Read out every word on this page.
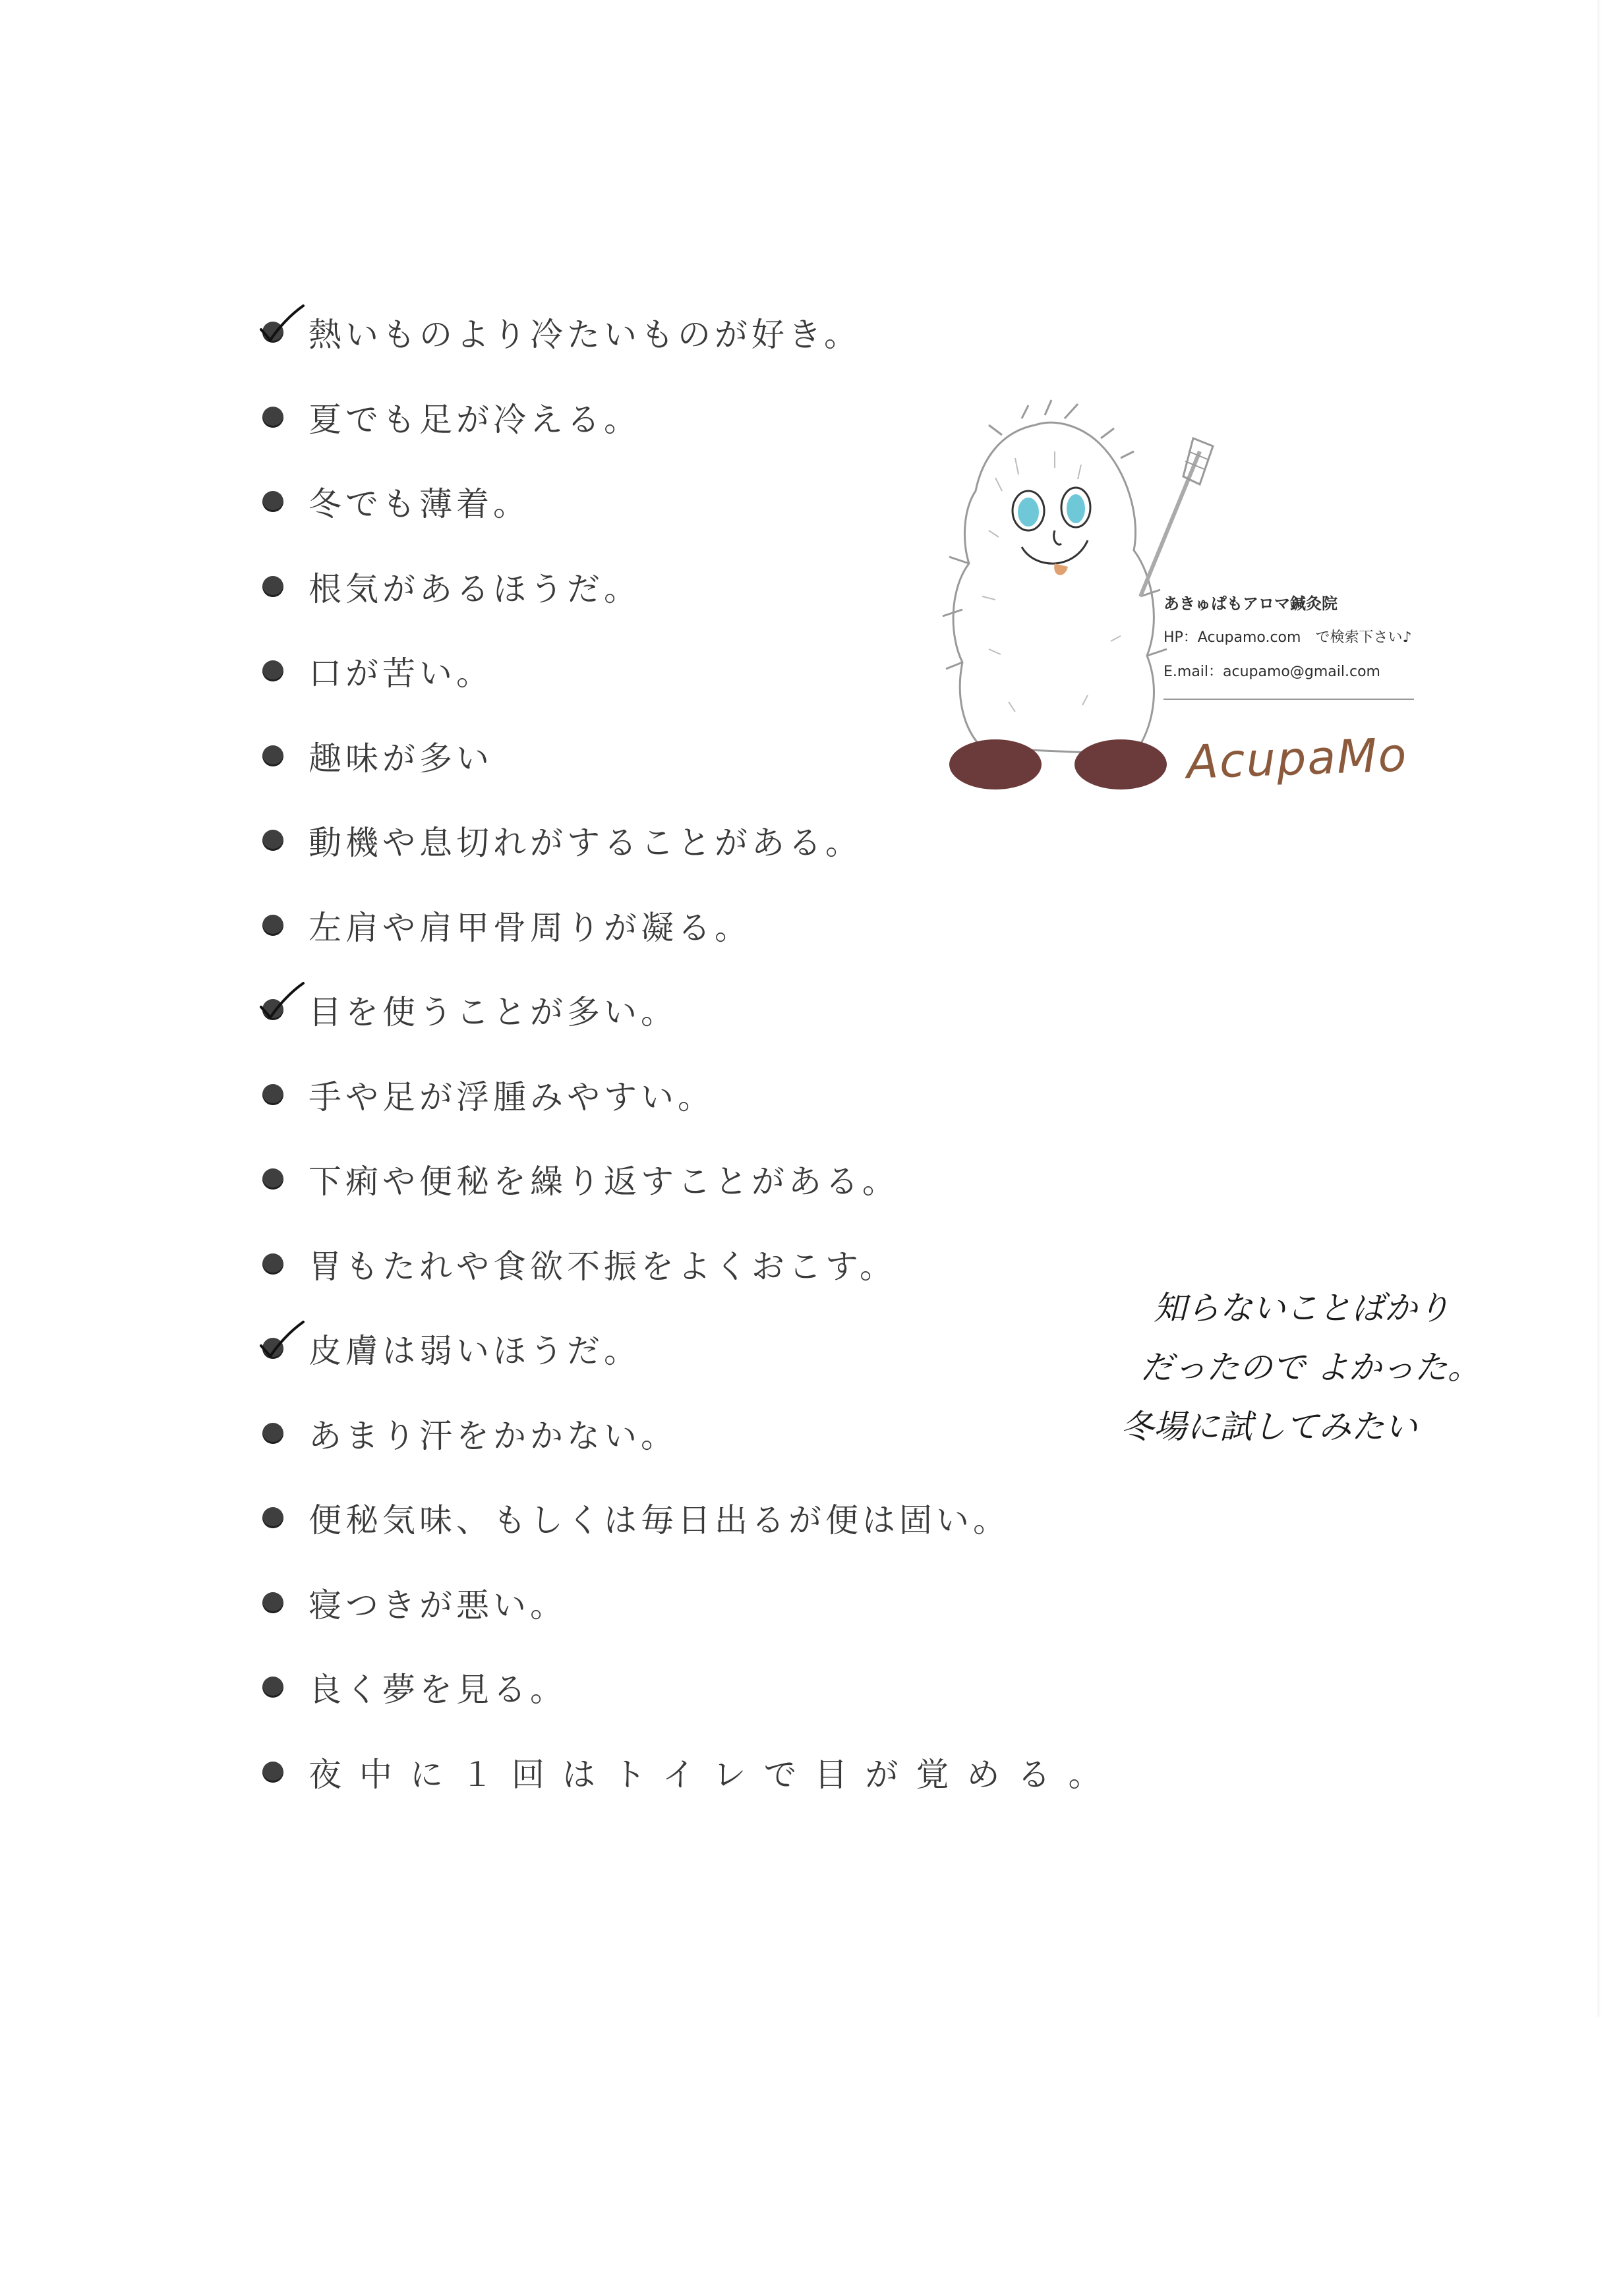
熱いものより冷たいものが好き。
夏でも足が冷える。
冬でも薄着。
根気があるほうだ。
口が苦い。
趣味が多い
動機や息切れがすることがある。
左肩や肩甲骨周りが凝る。
目を使うことが多い。
手や足が浮腫みやすい。
下痢や便秘を繰り返すことがある。
胃もたれや食欲不振をよくおこす。
皮膚は弱いほうだ。
あまり汗をかかない。
便秘気味、もしくは毎日出るが便は固い。
寝つきが悪い。
良く夢を見る。
夜中に１回はトイレで目が覚める。
あきゅぱもアロマ鍼灸院
HP：Acupamo.com　で検索下さい♪
E.mail：acupamo@gmail.com
AcupaMo
知らないことばかり
だったので よかった。
冬場に試してみたい
